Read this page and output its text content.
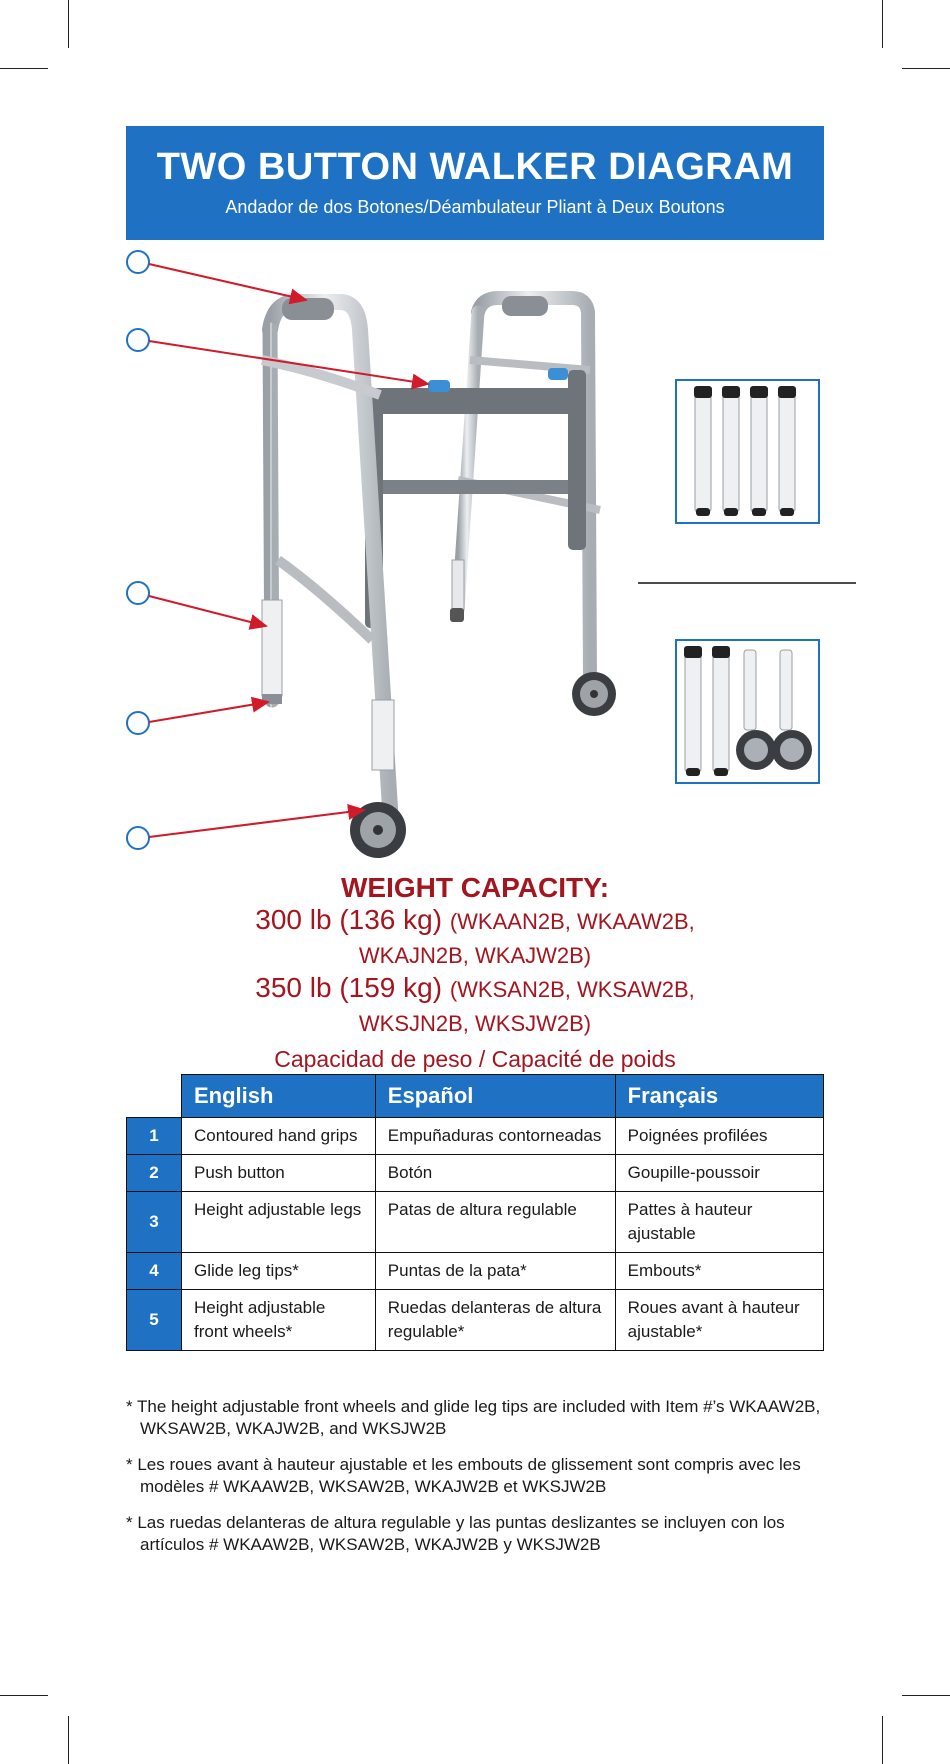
TWO BUTTON WALKER DIAGRAM
Andador de dos Botones/Déambulateur Pliant à Deux Boutons
WEIGHT CAPACITY:
300 lb (136 kg) (WKAAN2B, WKAAW2B,
WKAJN2B, WKAJW2B)
350 lb (159 kg) (WKSAN2B, WKSAW2B,
WKSJN2B, WKSJW2B)
Capacidad de peso / Capacité de poids
	English	Español	Français
1	Contoured hand grips	Empuñaduras contorneadas	Poignées profilées
2	Push button	Botón	Goupille-poussoir
3	Height adjustable legs	Patas de altura regulable	Pattes à hauteur ajustable
4	Glide leg tips*	Puntas de la pata*	Embouts*
5	Height adjustable front wheels*	Ruedas delanteras de altura regulable*	Roues avant à hauteur ajustable*
* The height adjustable front wheels and glide leg tips are included with Item #’s WKAAW2B, WKSAW2B, WKAJW2B, and WKSJW2B
* Les roues avant à hauteur ajustable et les embouts de glissement sont compris avec les modèles # WKAAW2B, WKSAW2B, WKAJW2B et WKSJW2B
* Las ruedas delanteras de altura regulable y las puntas deslizantes se incluyen con los artículos # WKAAW2B, WKSAW2B, WKAJW2B y WKSJW2B
